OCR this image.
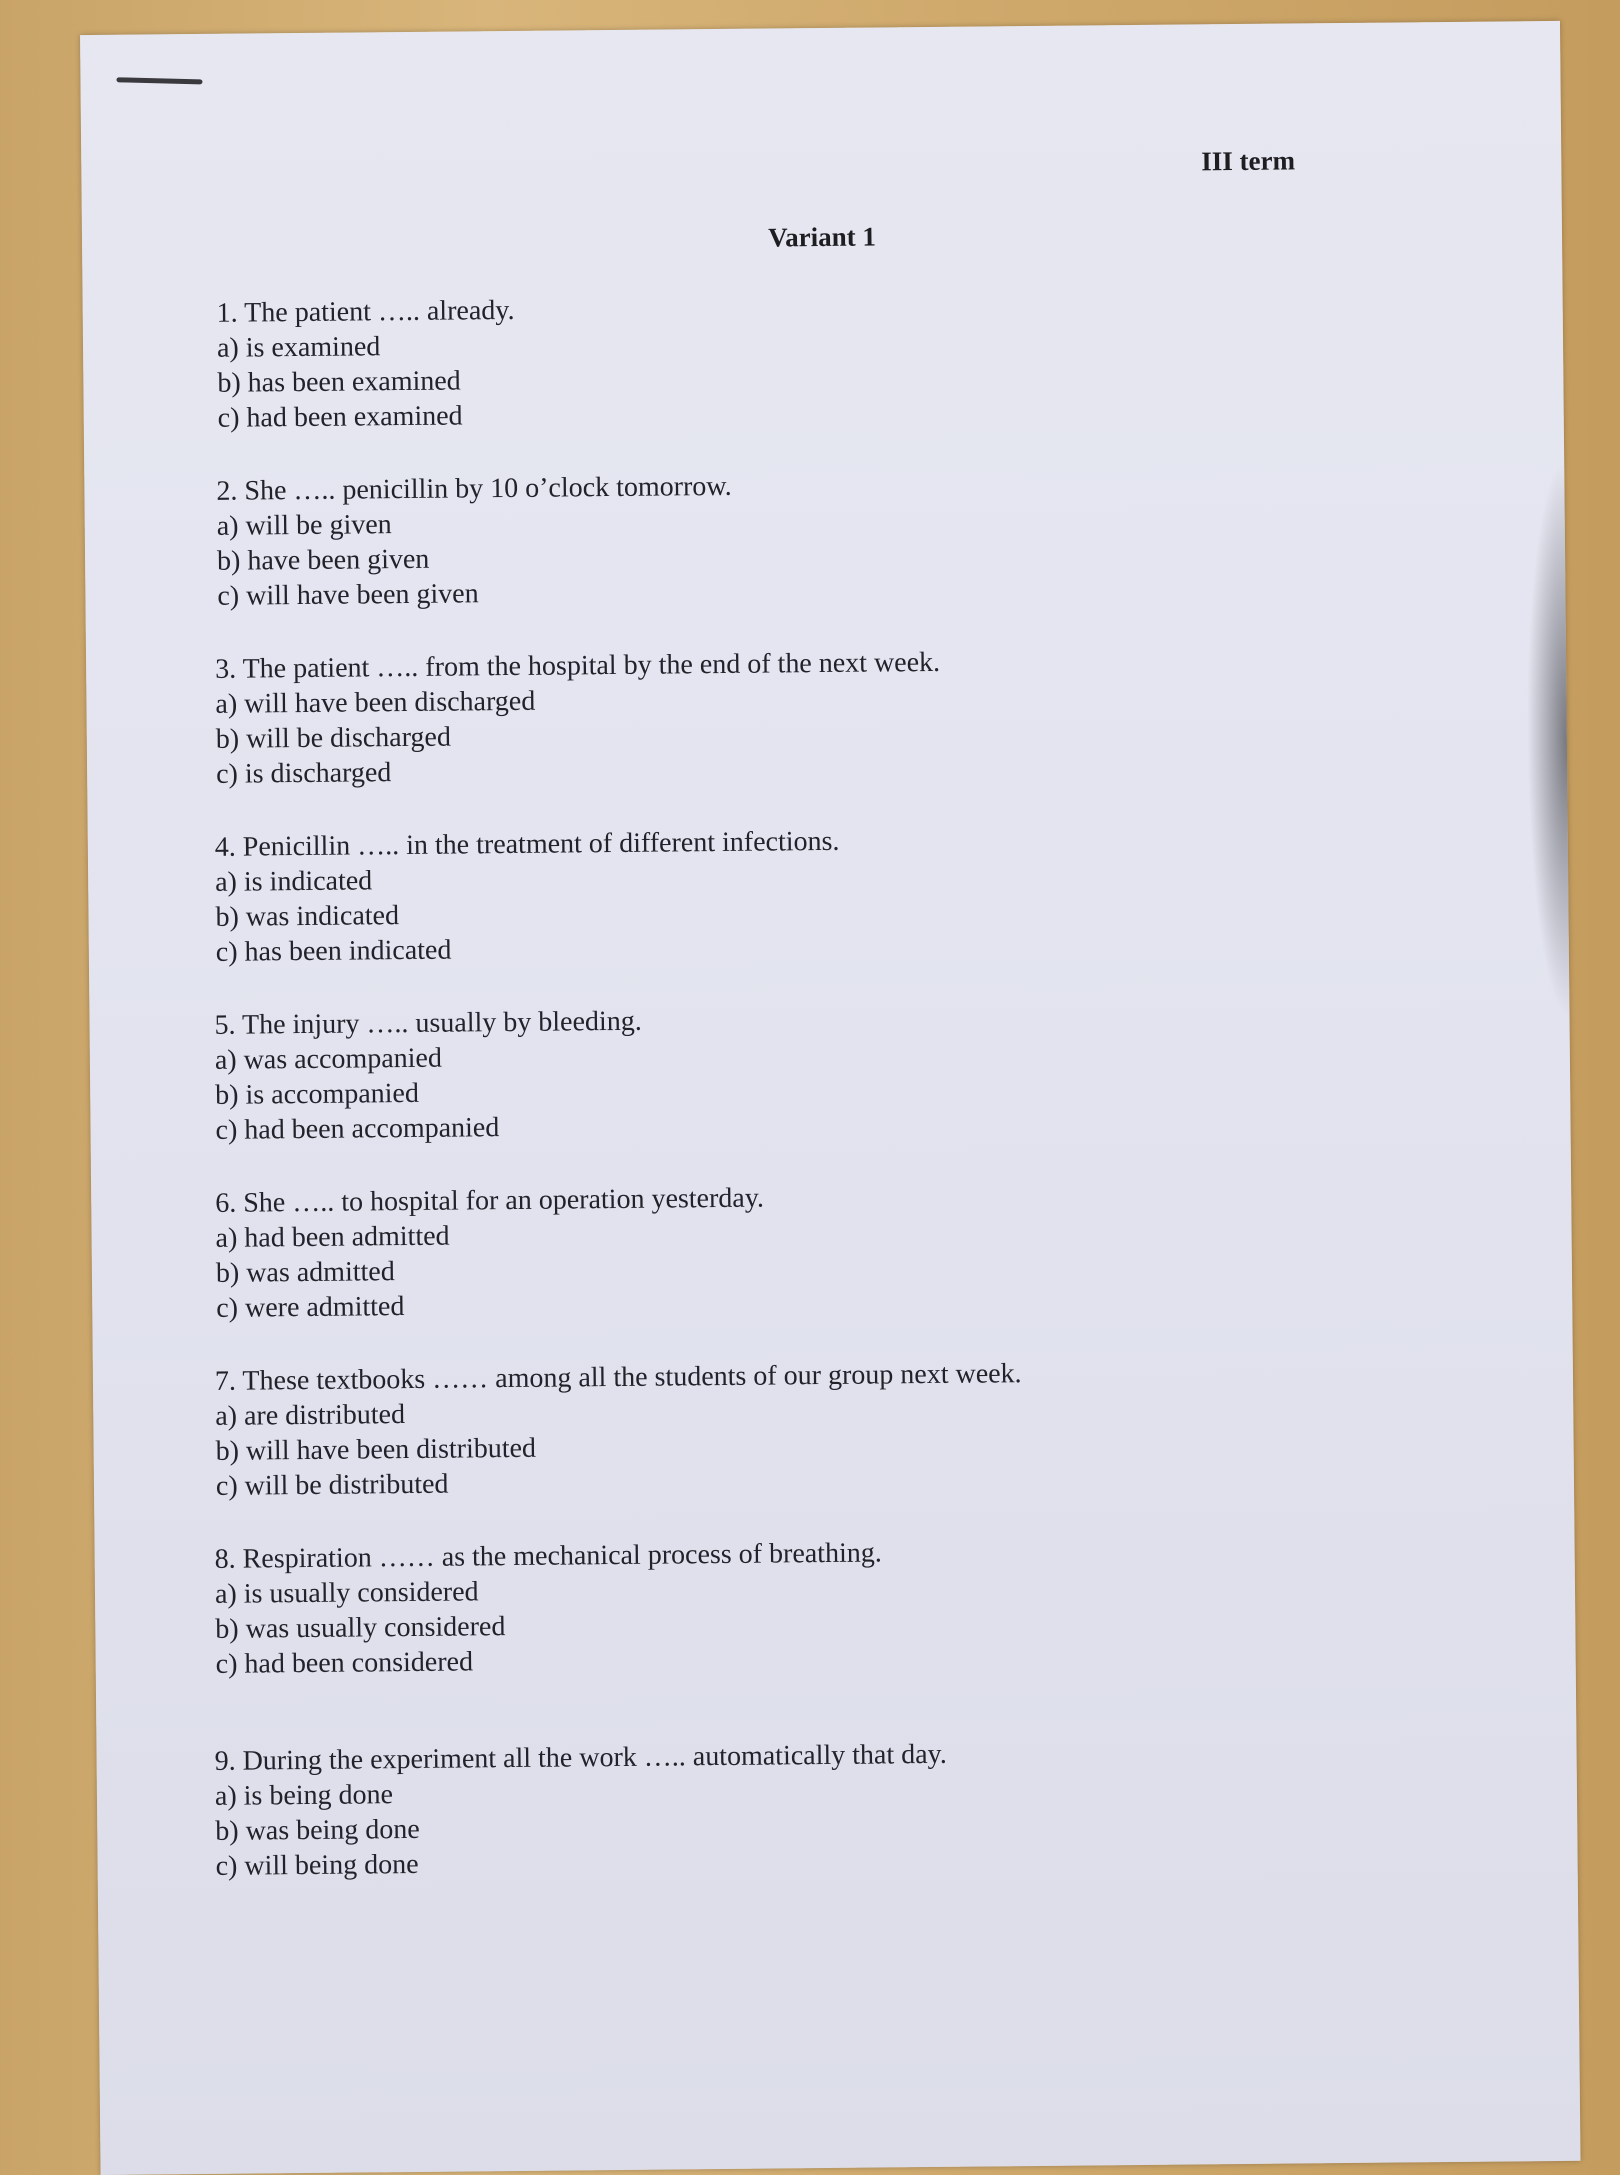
III term
Variant 1
1. The patient ….. already.
a) is examined
b) has been examined
c) had been examined
2. She ….. penicillin by 10 o’clock tomorrow.
a) will be given
b) have been given
c) will have been given
3. The patient ….. from the hospital by the end of the next week.
a) will have been discharged
b) will be discharged
c) is discharged
4. Penicillin ….. in the treatment of different infections.
a) is indicated
b) was indicated
c) has been indicated
5. The injury ….. usually by bleeding.
a) was accompanied
b) is accompanied
c) had been accompanied
6. She ….. to hospital for an operation yesterday.
a) had been admitted
b) was admitted
c) were admitted
7. These textbooks …… among all the students of our group next week.
a) are distributed
b) will have been distributed
c) will be distributed
8. Respiration …… as the mechanical process of breathing.
a) is usually considered
b) was usually considered
c) had been considered
9. During the experiment all the work ….. automatically that day.
a) is being done
b) was being done
c) will being done
